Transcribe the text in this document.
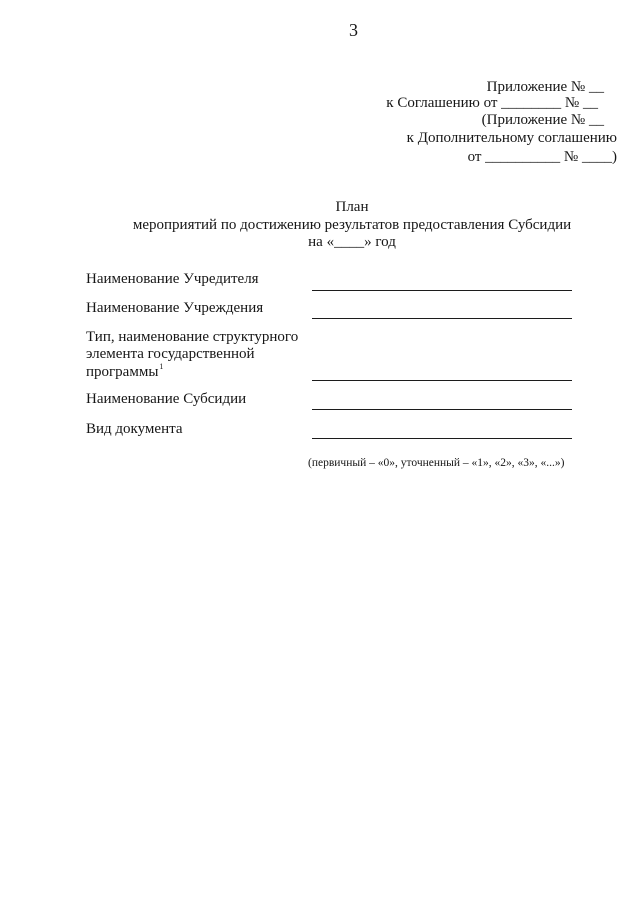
3
Приложение № __
к Соглашению от ________ № __
(Приложение № __
к Дополнительному соглашению
от __________ № ____)
План
мероприятий по достижению результатов предоставления Субсидии
на «____» год
Наименование Учредителя
Наименование Учреждения
Тип, наименование структурного
элемента государственной
программы$^1$
Наименование Субсидии
Вид документа
(первичный – «0», уточненный – «1», «2», «3», «...»)
